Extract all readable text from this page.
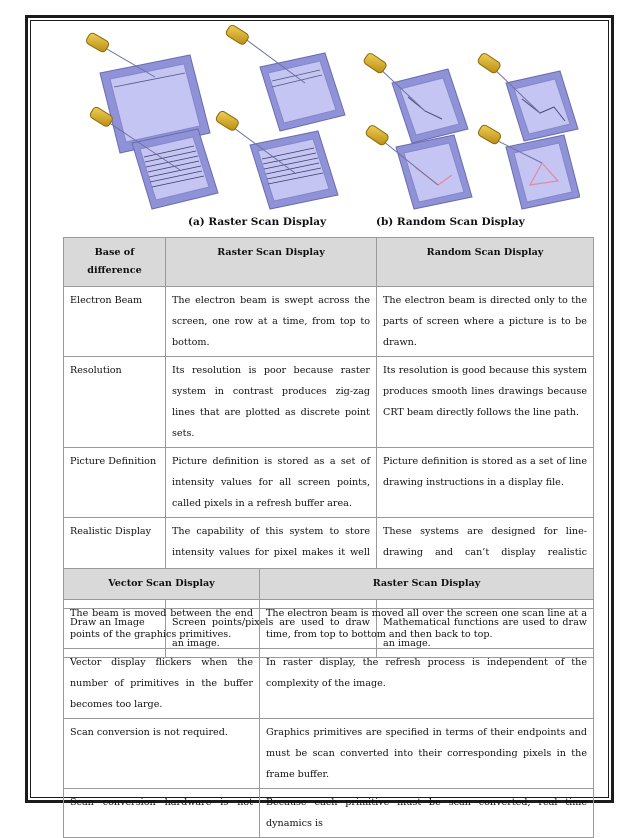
(a) Raster Scan Display	(b) Random Scan Display
Base of difference	Raster Scan Display	Random Scan Display
Electron Beam	The electron beam is swept across the screen, one row at a time, from top to bottom.	The electron beam is directed only to the parts of screen where a picture is to be drawn.
Resolution	Its resolution is poor because raster system in contrast produces zig-zag lines that are plotted as discrete point sets.	Its resolution is good because this system produces smooth lines drawings because CRT beam directly follows the line path.
Picture Definition	Picture definition is stored as a set of intensity values for all screen points, called pixels in a refresh buffer area.	Picture definition is stored as a set of line drawing instructions in a display file.
Realistic Display	The capability of this system to store intensity values for pixel makes it well	These systems are designed for line-drawing and can’t display realistic
Draw an Image	Screen points/pixels are used to draw an image.	Mathematical functions are used to draw an image.
Vector Scan Display	Raster Scan Display
The beam is moved between the end points of the graphics primitives.	The electron beam is moved all over the screen one scan line at a time, from top to bottom and then back to top.
Vector display flickers when the number of primitives in the buffer becomes too large.	In raster display, the refresh process is independent of the complexity of the image.
Scan conversion is not required.	Graphics primitives are specified in terms of their endpoints and must be scan converted into their corresponding pixels in the frame buffer.
Scan conversion hardware is not	Because each primitive must be scan converted, real time dynamics is
